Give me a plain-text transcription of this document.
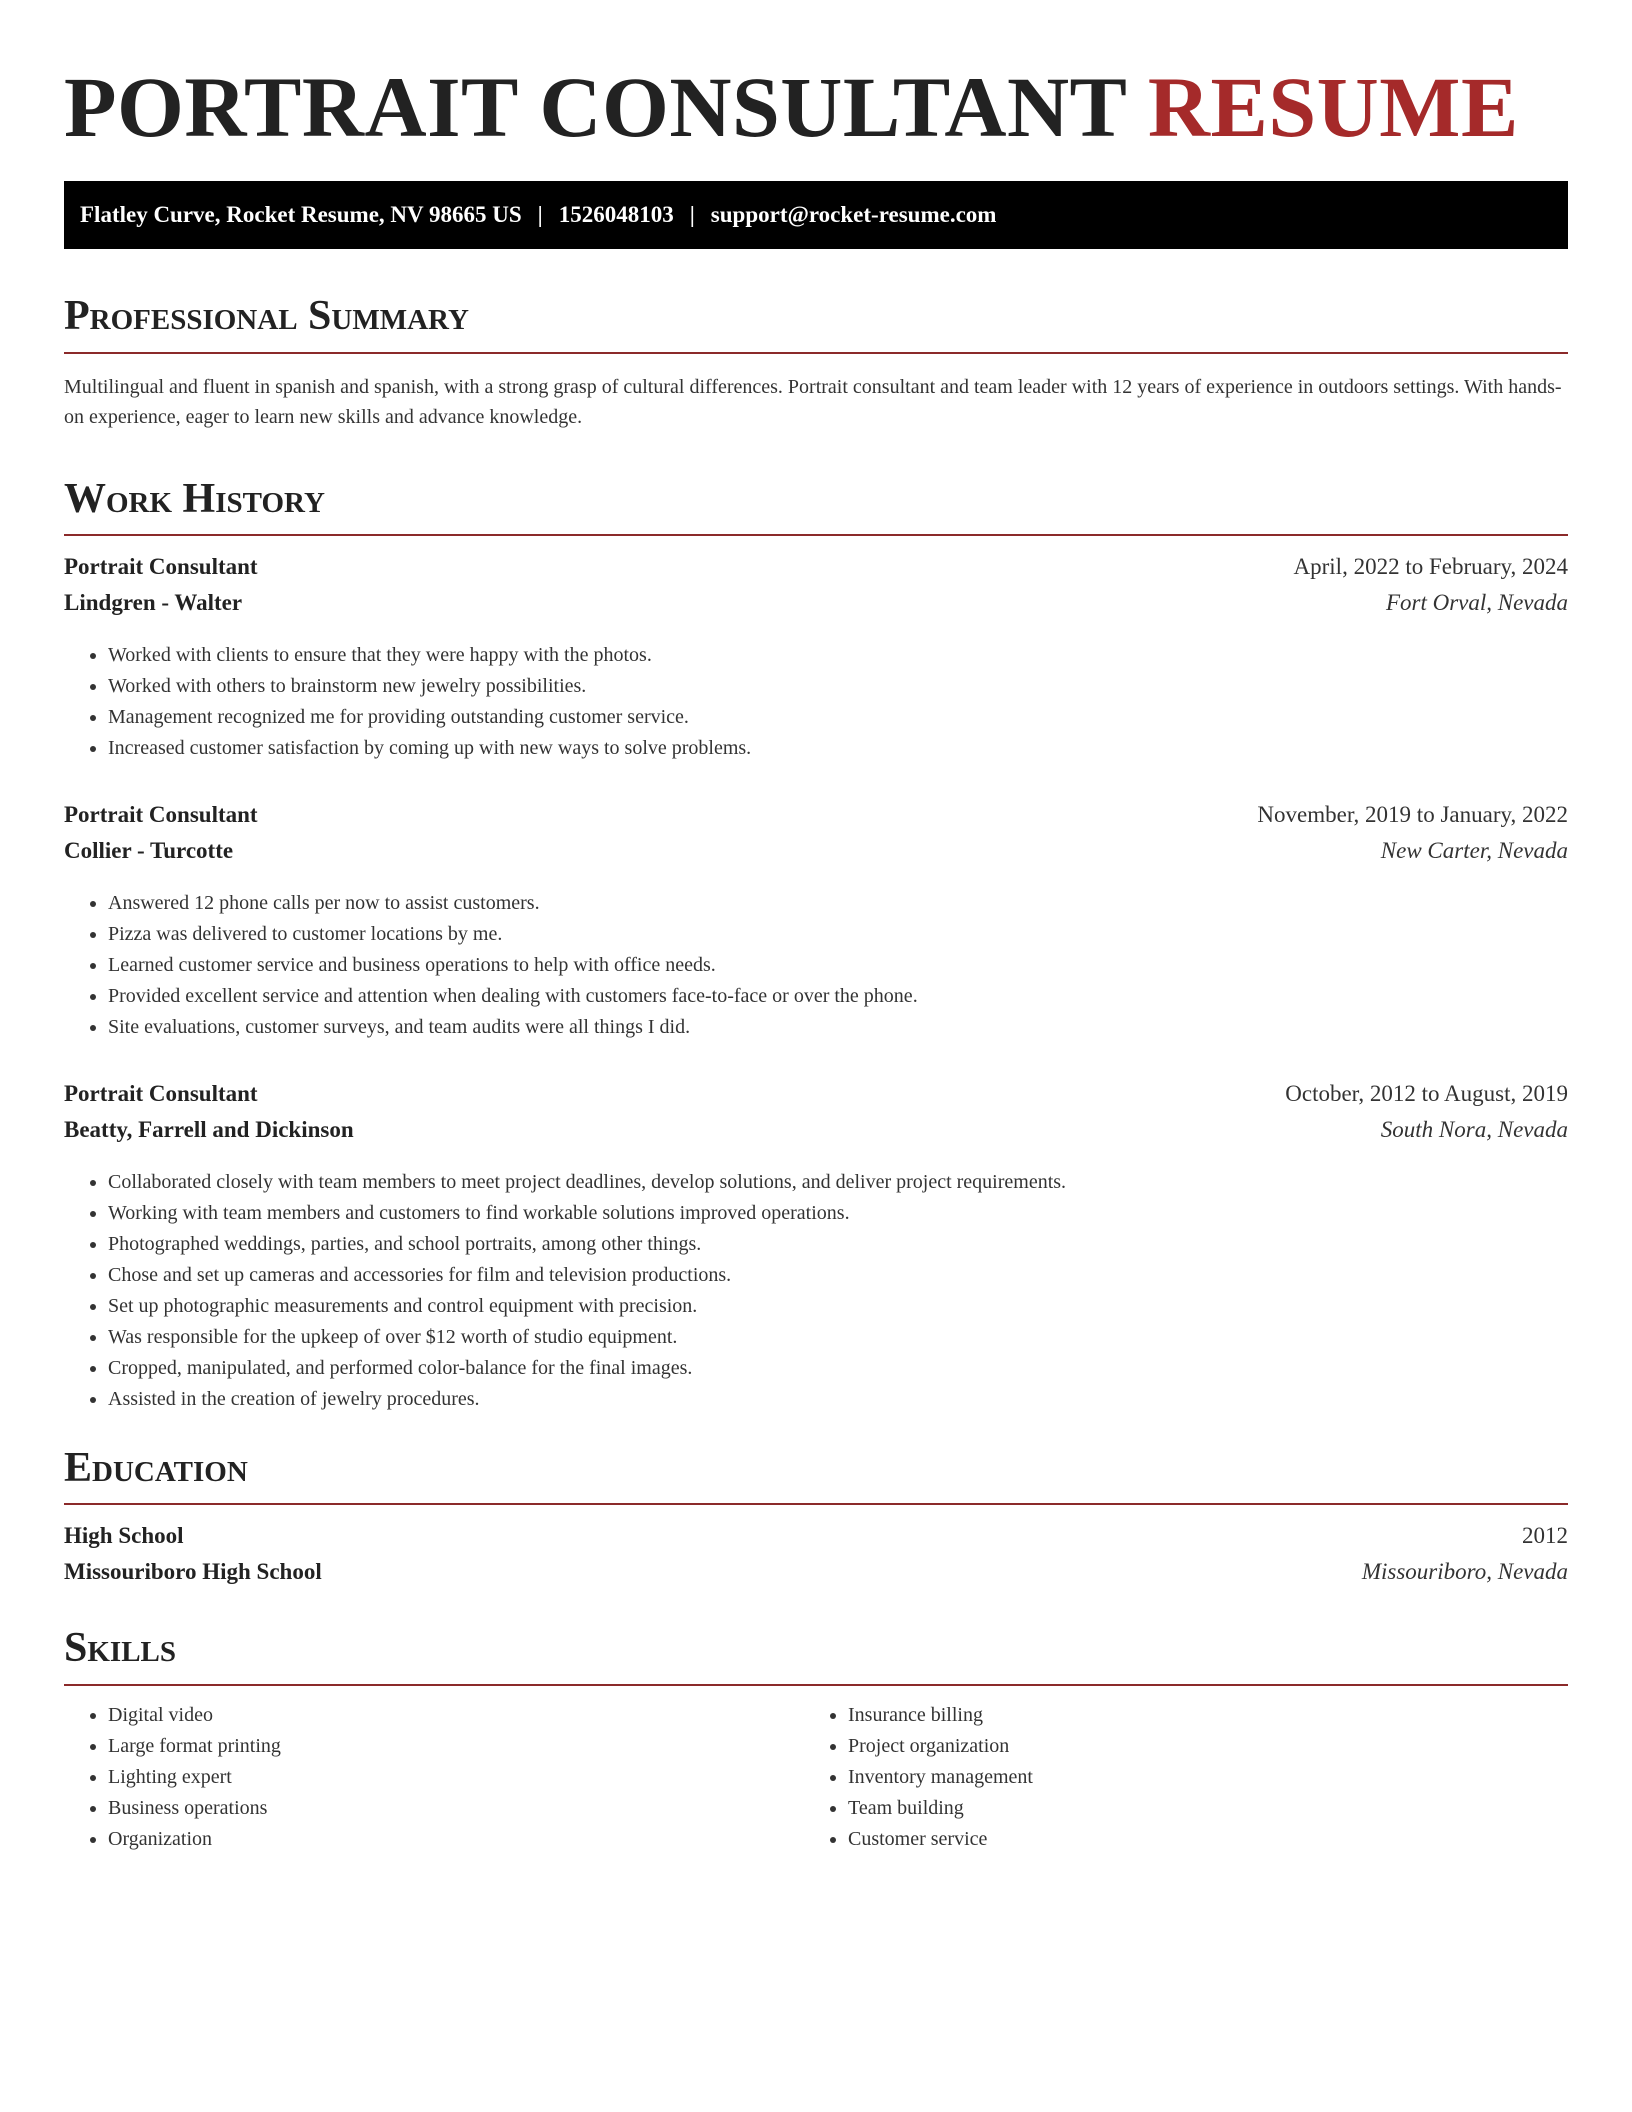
PORTRAIT CONSULTANT RESUME
Flatley Curve, Rocket Resume, NV 98665 US | 1526048103 | support@rocket-resume.com
Professional Summary

Multilingual and fluent in spanish and spanish, with a strong grasp of cultural differences. Portrait consultant and team leader with 12 years of experience in outdoors settings. With hands-on experience, eager to learn new skills and advance knowledge.

Work History
Portrait Consultant	April, 2022 to February, 2024
Lindgren - Walter	Fort Orval, Nevada
• Worked with clients to ensure that they were happy with the photos.
• Worked with others to brainstorm new jewelry possibilities.
• Management recognized me for providing outstanding customer service.
• Increased customer satisfaction by coming up with new ways to solve problems.
Portrait Consultant	November, 2019 to January, 2022
Collier - Turcotte	New Carter, Nevada
• Answered 12 phone calls per now to assist customers.
• Pizza was delivered to customer locations by me.
• Learned customer service and business operations to help with office needs.
• Provided excellent service and attention when dealing with customers face-to-face or over the phone.
• Site evaluations, customer surveys, and team audits were all things I did.
Portrait Consultant	October, 2012 to August, 2019
Beatty, Farrell and Dickinson	South Nora, Nevada
• Collaborated closely with team members to meet project deadlines, develop solutions, and deliver project requirements.
• Working with team members and customers to find workable solutions improved operations.
• Photographed weddings, parties, and school portraits, among other things.
• Chose and set up cameras and accessories for film and television productions.
• Set up photographic measurements and control equipment with precision.
• Was responsible for the upkeep of over $12 worth of studio equipment.
• Cropped, manipulated, and performed color-balance for the final images.
• Assisted in the creation of jewelry procedures.
Education
High School	2012
Missouriboro High School	Missouriboro, Nevada
Skills
• Digital video
• Large format printing
• Lighting expert
• Business operations
• Organization
• Insurance billing
• Project organization
• Inventory management
• Team building
• Customer service
